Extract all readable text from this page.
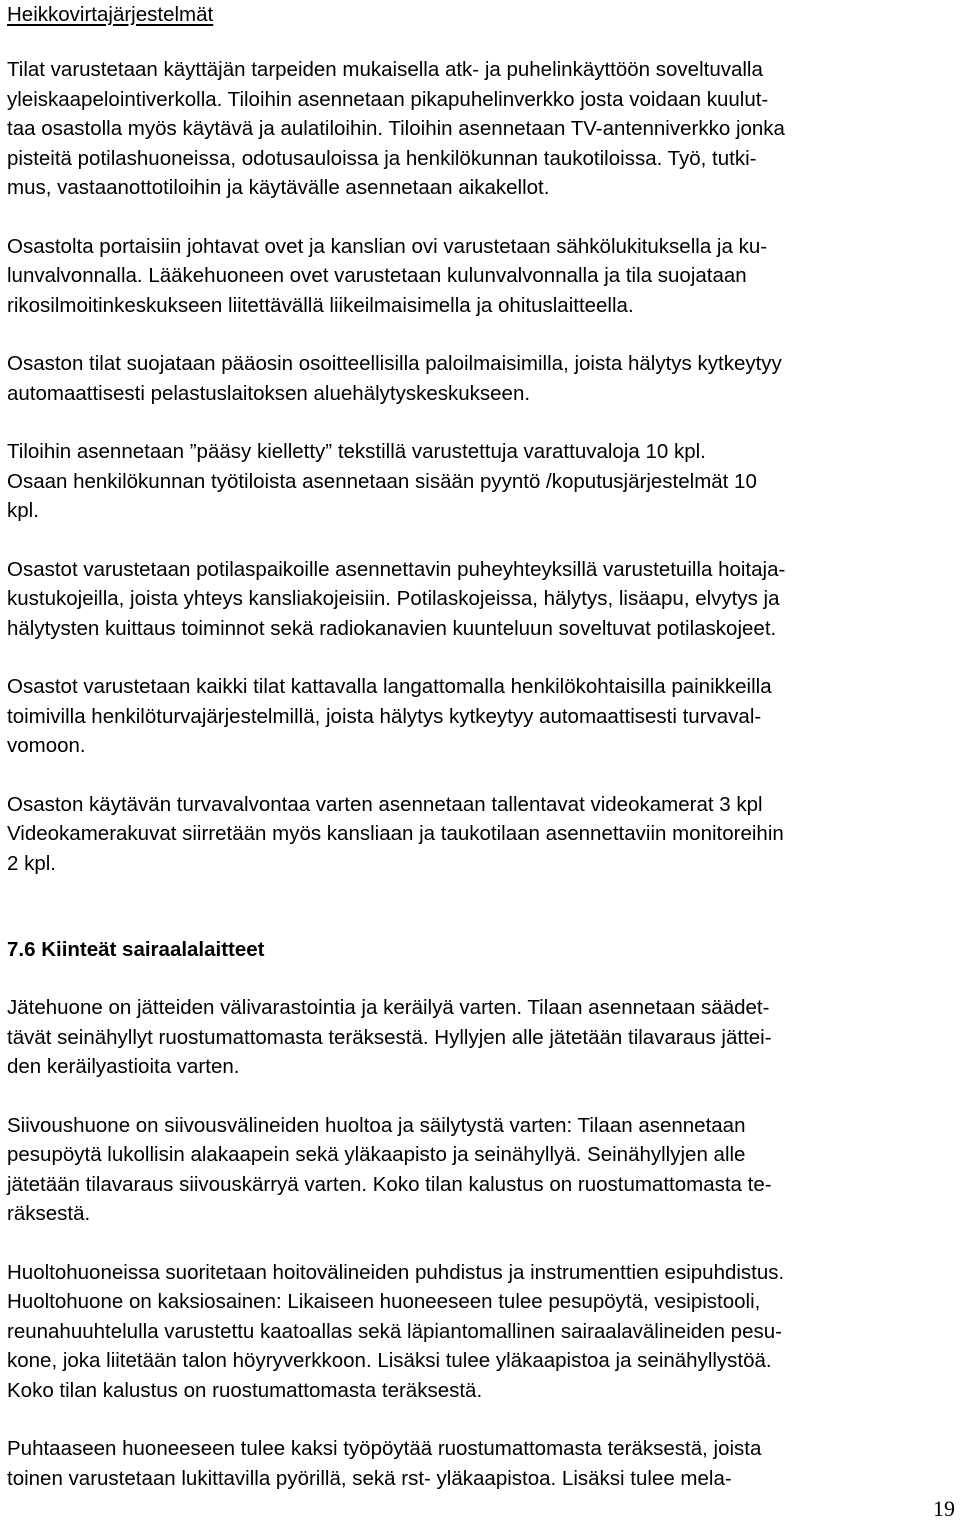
Heikkovirtajärjestelmät

Tilat varustetaan käyttäjän tarpeiden mukaisella atk- ja puhelinkäyttöön soveltuvalla
yleiskaapelointiverkolla. Tiloihin asennetaan pikapuhelinverkko josta voidaan kuulut-
taa osastolla myös käytävä ja aulatiloihin. Tiloihin asennetaan TV-antenniverkko jonka
pisteitä potilashuoneissa, odotusauloissa ja henkilökunnan taukotiloissa. Työ, tutki-
mus, vastaanottotiloihin ja käytävälle asennetaan aikakellot.

Osastolta portaisiin johtavat ovet ja kanslian ovi varustetaan sähkölukituksella ja ku-
lunvalvonnalla. Lääkehuoneen ovet varustetaan kulunvalvonnalla ja tila suojataan
rikosilmoitinkeskukseen liitettävällä liikeilmaisimella ja ohituslaitteella.

Osaston tilat suojataan pääosin osoitteellisilla paloilmaisimilla, joista hälytys kytkeytyy
automaattisesti pelastuslaitoksen aluehälytyskeskukseen.

Tiloihin asennetaan ”pääsy kielletty” tekstillä varustettuja varattuvaloja 10 kpl.
Osaan henkilökunnan työtiloista asennetaan sisään pyyntö /koputusjärjestelmät 10
kpl.

Osastot varustetaan potilaspaikoille asennettavin puheyhteyksillä varustetuilla hoitaja-
kustukojeilla, joista yhteys kansliakojeisiin. Potilaskojeissa, hälytys, lisäapu, elvytys ja
hälytysten kuittaus toiminnot sekä radiokanavien kuunteluun soveltuvat potilaskojeet.

Osastot varustetaan kaikki tilat kattavalla langattomalla henkilökohtaisilla painikkeilla
toimivilla henkilöturvajärjestelmillä, joista hälytys kytkeytyy automaattisesti turvaval-
vomoon.

Osaston käytävän turvavalvontaa varten asennetaan tallentavat videokamerat 3 kpl
Videokamerakuvat siirretään myös kansliaan ja taukotilaan asennettaviin monitoreihin
2 kpl.

7.6 Kiinteät sairaalalaitteet

Jätehuone on jätteiden välivarastointia ja keräilyä varten. Tilaan asennetaan säädet-
tävät seinähyllyt ruostumattomasta teräksestä. Hyllyjen alle jätetään tilavaraus jättei-
den keräilyastioita varten.

Siivoushuone on siivousvälineiden huoltoa ja säilytystä varten: Tilaan asennetaan
pesupöytä lukollisin alakaapein sekä yläkaapisto ja seinähyllyä. Seinähyllyjen alle
jätetään tilavaraus siivouskärryä varten. Koko tilan kalustus on ruostumattomasta te-
räksestä.

Huoltohuoneissa suoritetaan hoitovälineiden puhdistus ja instrumenttien esipuhdistus.
Huoltohuone on kaksiosainen: Likaiseen huoneeseen tulee pesupöytä, vesipistooli,
reunahuuhtelulla varustettu kaatoallas sekä läpiantomallinen sairaalavälineiden pesu-
kone, joka liitetään talon höyryverkkoon. Lisäksi tulee yläkaapistoa ja seinähyllystöä.
Koko tilan kalustus on ruostumattomasta teräksestä.

Puhtaaseen huoneeseen tulee kaksi työpöytää ruostumattomasta teräksestä, joista
toinen varustetaan lukittavilla pyörillä, sekä rst- yläkaapistoa. Lisäksi tulee mela-

19
